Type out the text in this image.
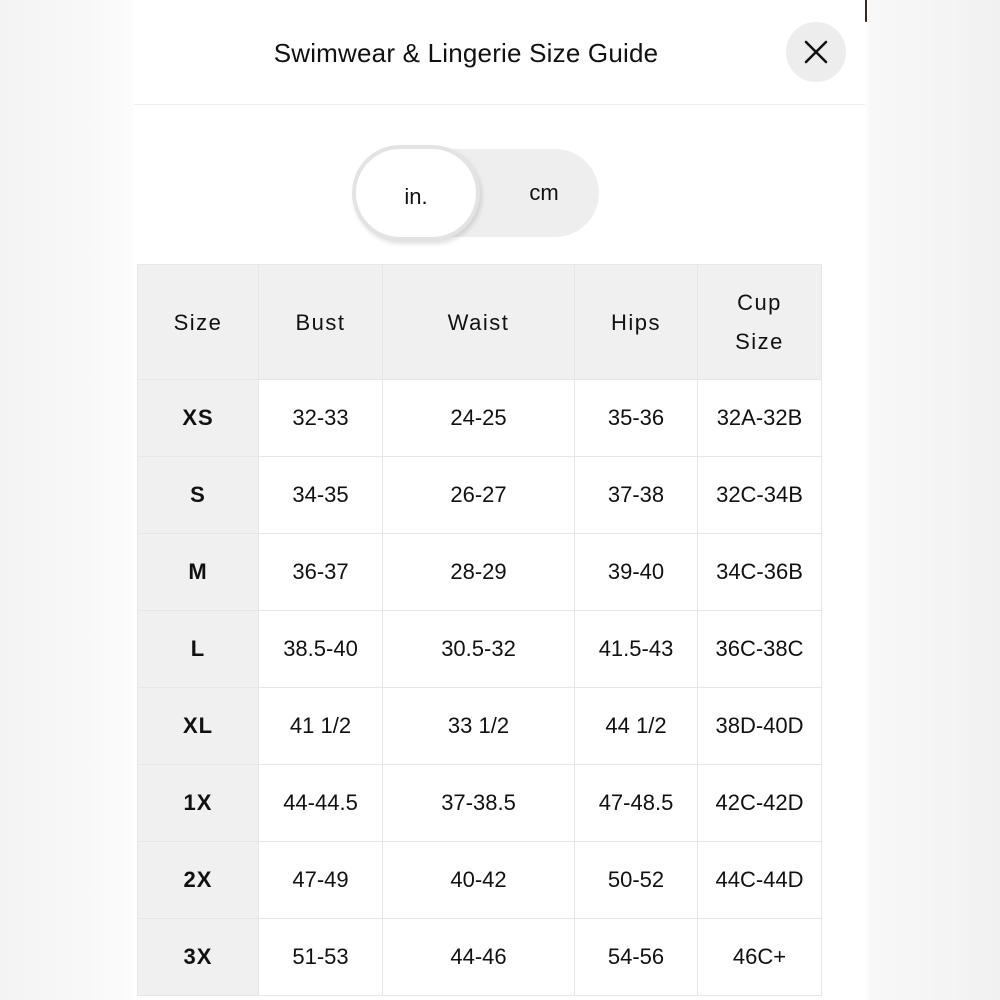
Swimwear & Lingerie Size Guide
cm
in.
Size	Bust	Waist	Hips	Cup
Size

XS	32-33	24-25	35-36	32A-32B
S	34-35	26-27	37-38	32C-34B
M	36-37	28-29	39-40	34C-36B
L	38.5-40	30.5-32	41.5-43	36C-38C
XL	41 1/2	33 1/2	44 1/2	38D-40D
1X	44-44.5	37-38.5	47-48.5	42C-42D
2X	47-49	40-42	50-52	44C-44D
3X	51-53	44-46	54-56	46C+
